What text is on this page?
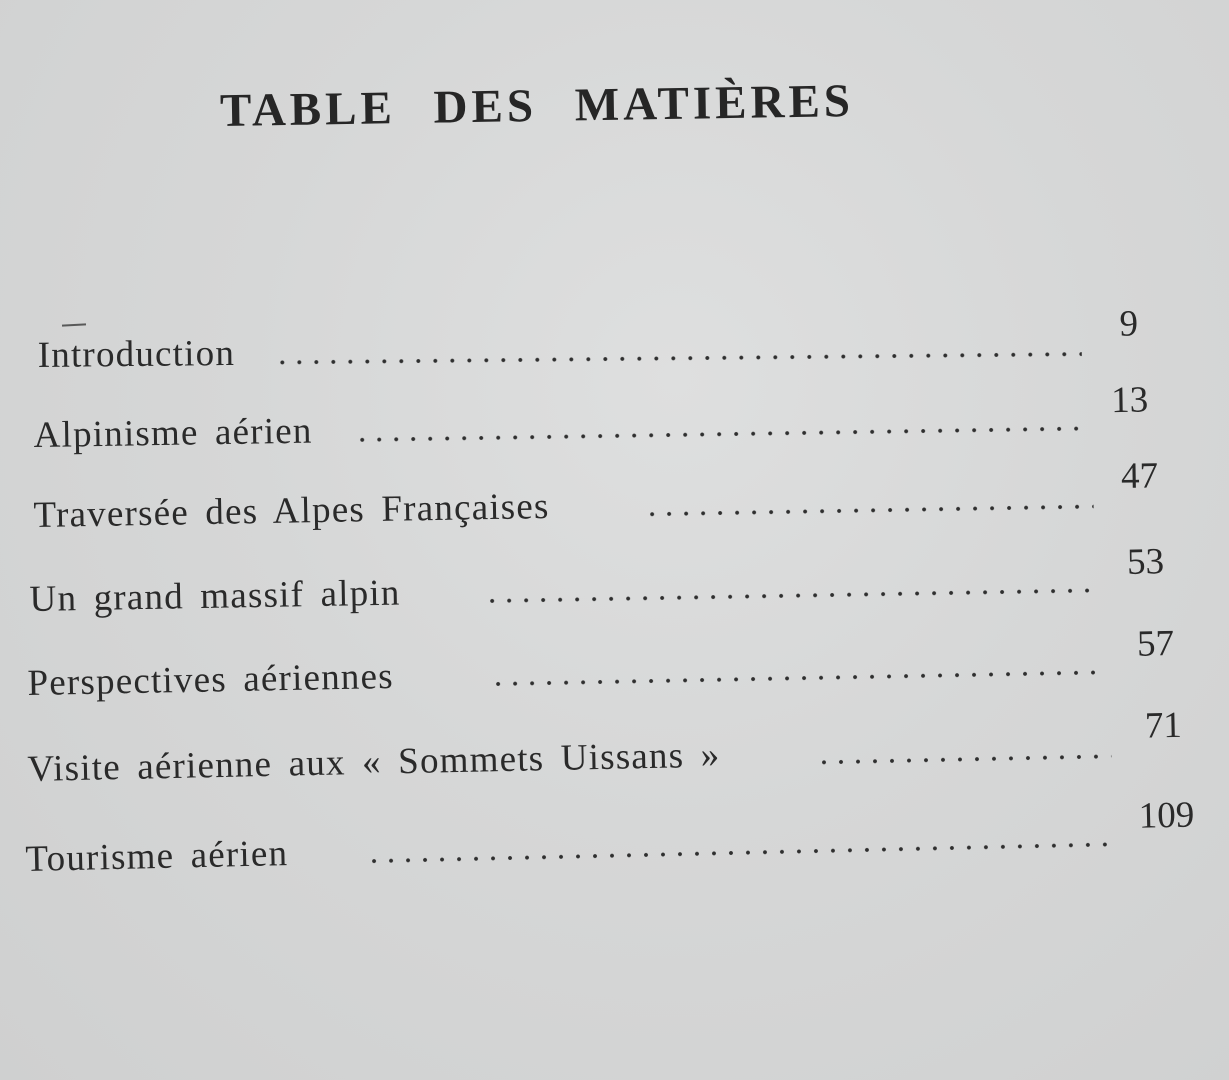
TABLE DES MATIÈRES
Introduction
9
Alpinisme aérien
13
Traversée des Alpes Françaises
47
Un grand massif alpin
53
Perspectives aériennes
57
Visite aérienne aux « Sommets Uissans »
71
Tourisme aérien
109
